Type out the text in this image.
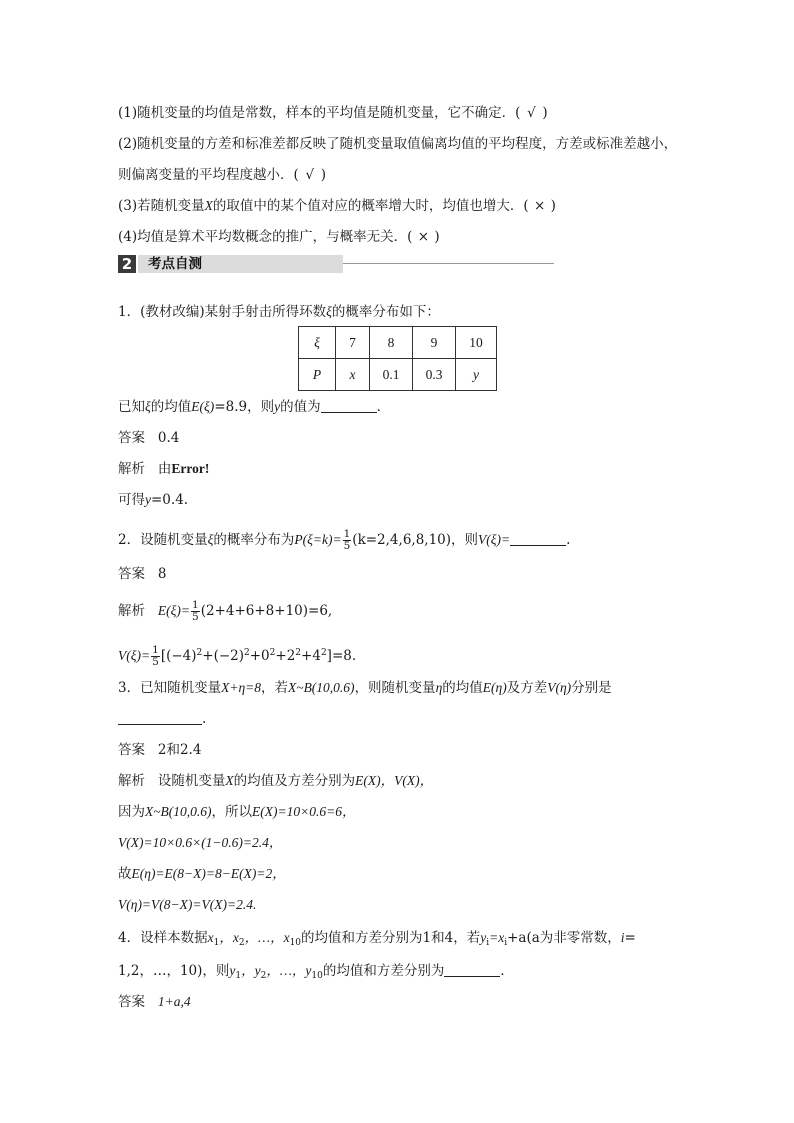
(1)随机变量的均值是常数，样本的平均值是随机变量，它不确定．( √ )
(2)随机变量的方差和标准差都反映了随机变量取值偏离均值的平均程度，方差或标准差越小，
则偏离变量的平均程度越小．( √ )
(3)若随机变量X的取值中的某个值对应的概率增大时，均值也增大．( × )
(4)均值是算术平均数概念的推广，与概率无关．( × )
2 考点自测
1．(教材改编)某射手射击所得环数ξ的概率分布如下：
ξ	7	8	9	10
P	x	0.1	0.3	y
已知ξ的均值E(ξ)=8.9，则y的值为	．
答案 0.4
解析 由Error!
可得y=0.4.
2．设随机变量ξ的概率分布为$P(\xi=k)= \frac{1}{5} (k=2,4,6,8,10)$，则V(ξ)=	.
答案 8
解析 $E(\xi)= \frac{1}{5} (2+4+6+8+10)=6$,
$V(\xi)= \frac{1}{5} [(-4)^2+(-2)^2+0^2+2^2+4^2]=8$.
3．已知随机变量X+η=8，若X~B(10,0.6)，则随机变量η的均值E(η)及方差V(η)分别是
.
答案 2和2.4
解析 设随机变量X的均值及方差分别为E(X)，V(X)，
因为X~B(10,0.6)，所以E(X)=10×0.6=6，
V(X)=10×0.6×(1−0.6)=2.4，
故E(η)=E(8−X)=8−E(X)=2，
V(η)=V(8−X)=V(X)=2.4.
4．设样本数据$x_1$，$x_2$，…，$x_{10}$的均值和方差分别为1和4，若$y_i=x_i+a(a$为非零常数，i=
1,2，…，10)，则$y_1$，$y_2$，…，$y_{10}$的均值和方差分别为	．
答案 1+a,4
